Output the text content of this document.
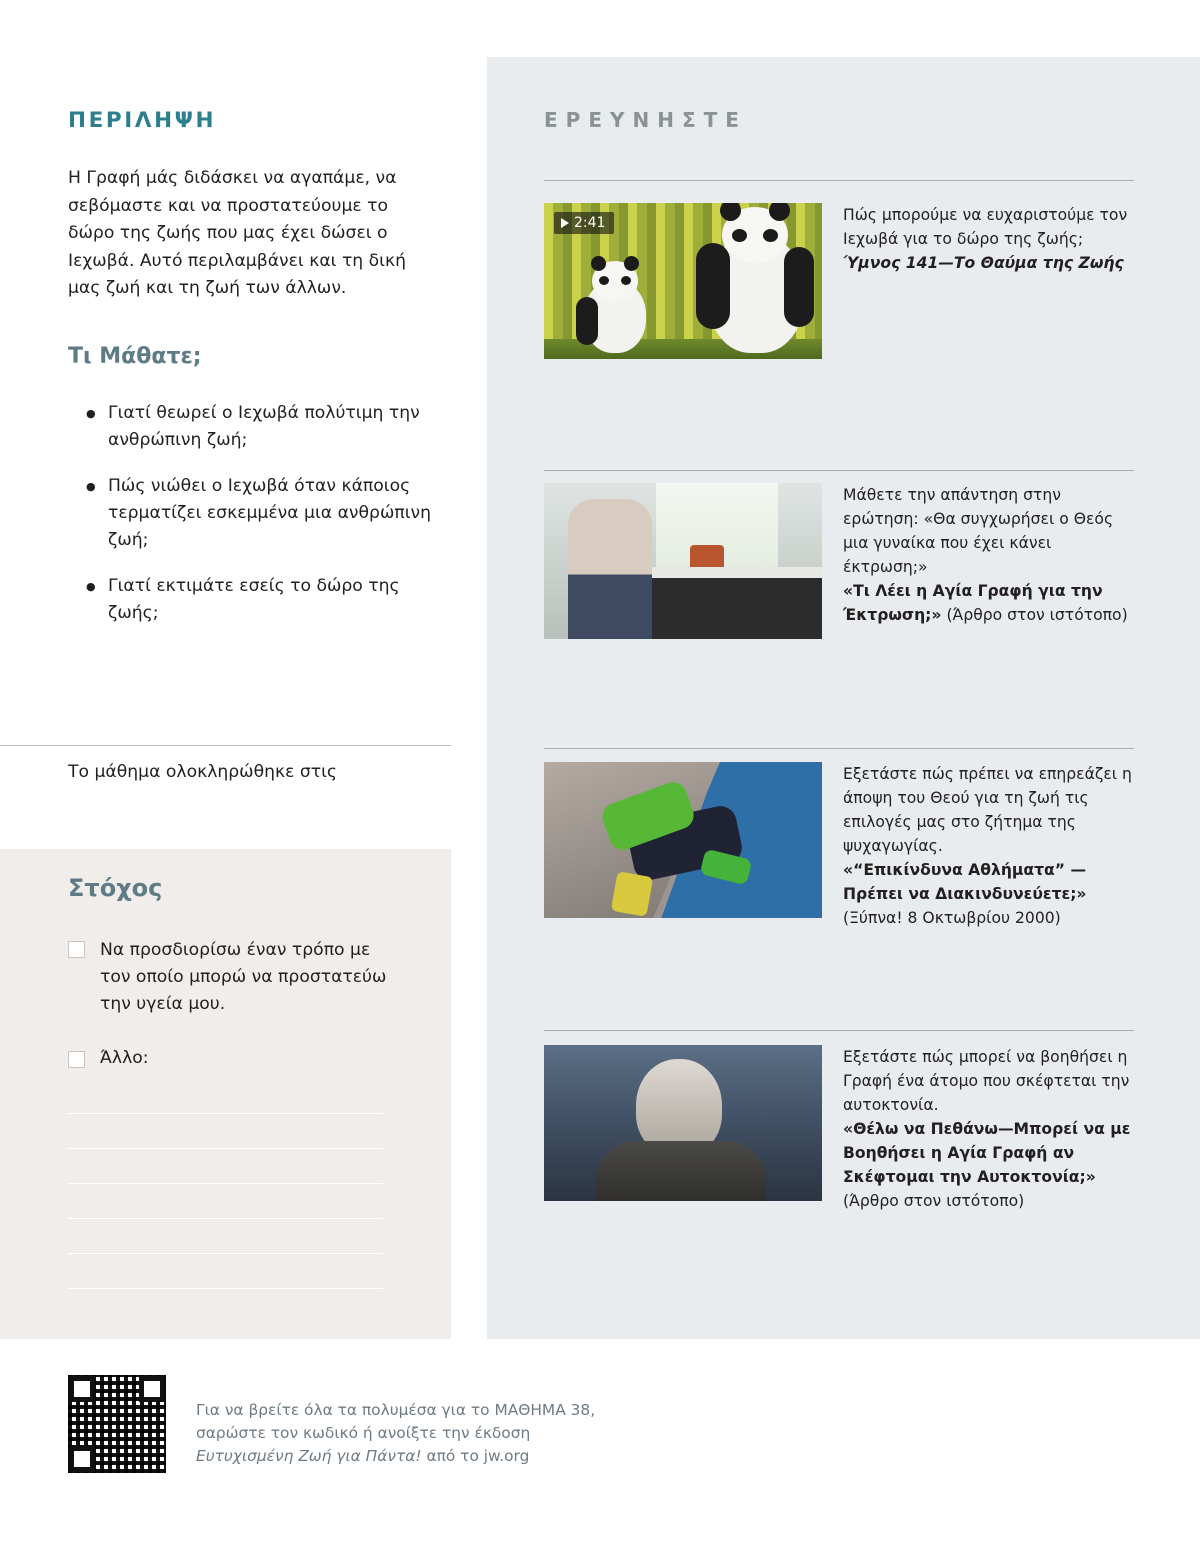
ΠΕΡΙΛΗΨΗ
Η Γραφή μάς διδάσκει να αγαπάμε, να σεβόμαστε και να προστατεύουμε το δώρο της ζωής που μας έχει δώσει ο Ιεχωβά. Αυτό περιλαμβάνει και τη δική μας ζωή και τη ζωή των άλλων.
Τι Μάθατε;
● Γιατί θεωρεί ο Ιεχωβά πολύτιμη την ανθρώπινη ζωή;
● Πώς νιώθει ο Ιεχωβά όταν κάποιος τερματίζει εσκεμμένα μια ανθρώπινη ζωή;
● Γιατί εκτιμάτε εσείς το δώρο της ζωής;
Το μάθημα ολοκληρώθηκε στις
Στόχος
Να προσδιορίσω έναν τρόπο με τον οποίο μπορώ να προστατεύω την υγεία μου.
Άλλο:
ΕΡΕΥΝΗΣΤΕ
2:41	Πώς μπορούμε να ευχαριστούμε τον Ιεχωβά για το δώρο της ζωής;
Ύμνος 141—Το Θαύμα της Ζωής
Μάθετε την απάντηση στην ερώτηση: «Θα συγχωρήσει ο Θεός μια γυναίκα που έχει κάνει έκτρωση;»
«Τι Λέει η Αγία Γραφή για την Έκτρωση;» (Άρθρο στον ιστότοπο)
Εξετάστε πώς πρέπει να επηρεάζει η άποψη του Θεού για τη ζωή τις επιλογές μας στο ζήτημα της ψυχαγωγίας.
«“Επικίνδυνα Αθλήματα” —Πρέπει να Διακινδυνεύετε;»
(Ξύπνα! 8 Οκτωβρίου 2000)
Εξετάστε πώς μπορεί να βοηθήσει η Γραφή ένα άτομο που σκέφτεται την αυτοκτονία.
«Θέλω να Πεθάνω—Μπορεί να με Βοηθήσει η Αγία Γραφή αν Σκέφτομαι την Αυτοκτονία;»
(Άρθρο στον ιστότοπο)
Για να βρείτε όλα τα πολυμέσα για το ΜΑΘΗΜΑ 38,
σαρώστε τον κωδικό ή ανοίξτε την έκδοση
Ευτυχισμένη Ζωή για Πάντα! από το jw.org
